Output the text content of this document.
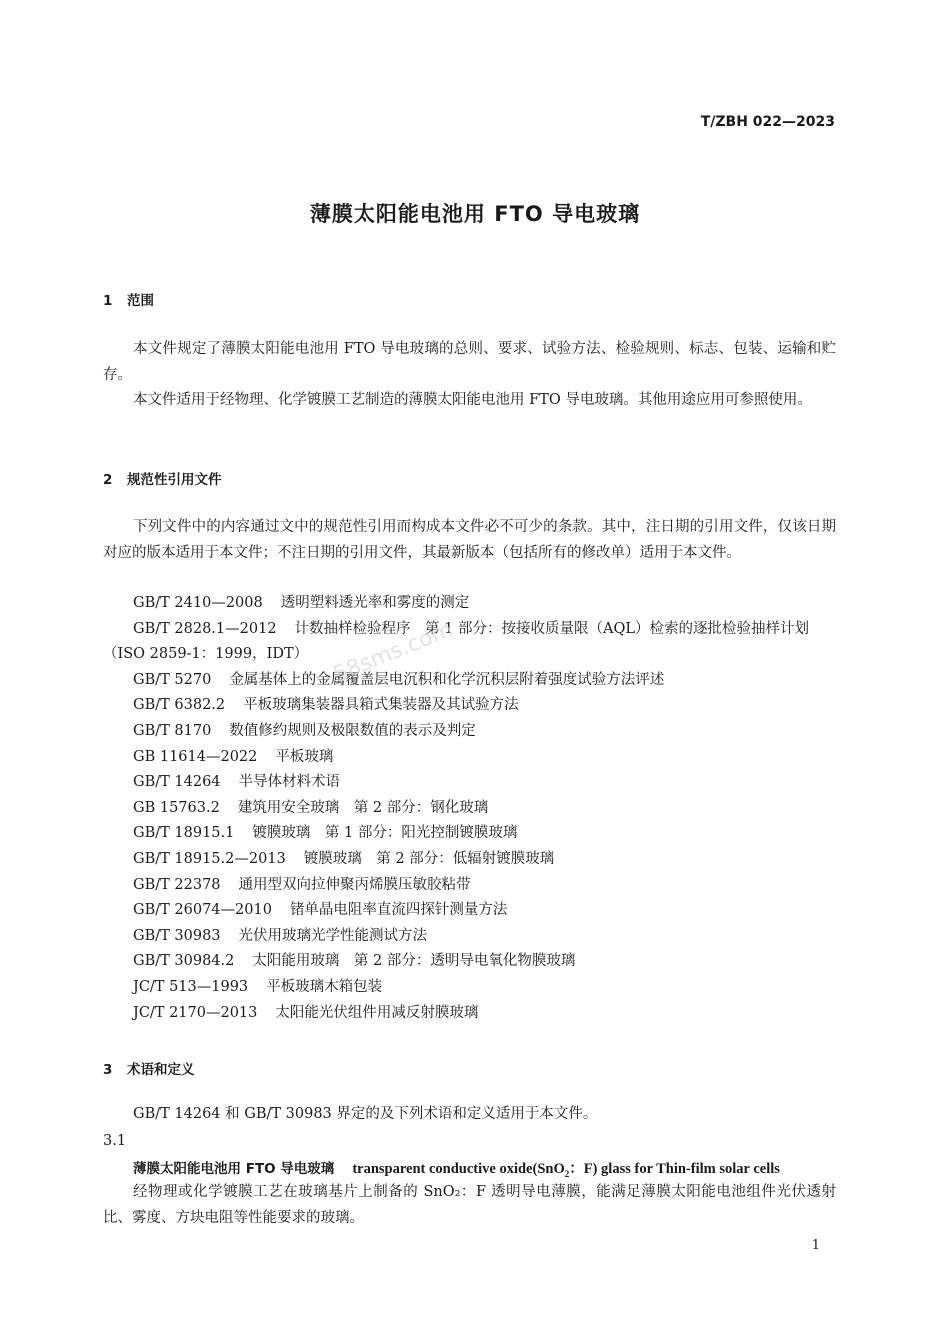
T/ZBH 022—2023
薄膜太阳能电池用 FTO 导电玻璃
1 范围

本文件规定了薄膜太阳能电池用 FTO 导电玻璃的总则、要求、试验方法、检验规则、标志、包装、运输和贮存。

本文件适用于经物理、化学镀膜工艺制造的薄膜太阳能电池用 FTO 导电玻璃。其他用途应用可参照使用。

2 规范性引用文件

下列文件中的内容通过文中的规范性引用而构成本文件必不可少的条款。其中，注日期的引用文件，仅该日期对应的版本适用于本文件；不注日期的引用文件，其最新版本（包括所有的修改单）适用于本文件。

GB/T 2410—2008 透明塑料透光率和雾度的测定
GB/T 2828.1—2012 计数抽样检验程序　第 1 部分：按接收质量限（AQL）检索的逐批检验抽样计划（ISO 2859-1：1999，IDT）
GB/T 5270 金属基体上的金属覆盖层电沉积和化学沉积层附着强度试验方法评述
GB/T 6382.2 平板玻璃集装器具箱式集装器及其试验方法
GB/T 8170 数值修约规则及极限数值的表示及判定
GB 11614—2022 平板玻璃
GB/T 14264 半导体材料术语
GB 15763.2 建筑用安全玻璃　第 2 部分：钢化玻璃
GB/T 18915.1 镀膜玻璃　第 1 部分：阳光控制镀膜玻璃
GB/T 18915.2—2013 镀膜玻璃　第 2 部分：低辐射镀膜玻璃
GB/T 22378 通用型双向拉伸聚丙烯膜压敏胶粘带
GB/T 26074—2010 锗单晶电阻率直流四探针测量方法
GB/T 30983 光伏用玻璃光学性能测试方法
GB/T 30984.2 太阳能用玻璃　第 2 部分：透明导电氧化物膜玻璃
JC/T 513—1993 平板玻璃木箱包装
JC/T 2170—2013 太阳能光伏组件用减反射膜玻璃
3 术语和定义

GB/T 14264 和 GB/T 30983 界定的及下列术语和定义适用于本文件。

3.1
薄膜太阳能电池用 FTO 导电玻璃 transparent conductive oxide(SnO$_2$：F) glass for Thin-film solar cells

经物理或化学镀膜工艺在玻璃基片上制备的 SnO₂：F 透明导电薄膜，能满足薄膜太阳能电池组件光伏透射比、雾度、方块电阻等性能要求的玻璃。

58sms.com
1
